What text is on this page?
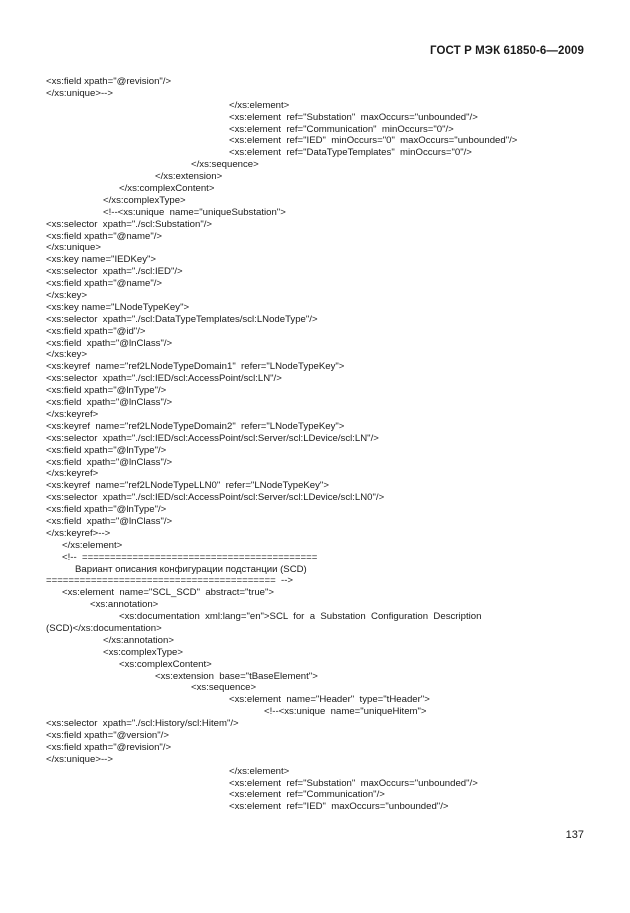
ГОСТ Р МЭК 61850-6—2009
<xs:field xpath="@revision"/>
</xs:unique>-->
</xs:element>
<xs:element  ref="Substation"  maxOccurs="unbounded"/>
<xs:element  ref="Communication"  minOccurs="0"/>
<xs:element  ref="IED"  minOccurs="0"  maxOccurs="unbounded"/>
<xs:element  ref="DataTypeTemplates"  minOccurs="0"/>
</xs:sequence>
</xs:extension>
</xs:complexContent>
</xs:complexType>
<!--<xs:unique  name="uniqueSubstation">
<xs:selector  xpath="./scl:Substation"/>
<xs:field xpath="@name"/>
</xs:unique>
<xs:key name="IEDKey">
<xs:selector  xpath="./scl:IED"/>
<xs:field xpath="@name"/>
</xs:key>
<xs:key name="LNodeTypeKey">
<xs:selector  xpath="./scl:DataTypeTemplates/scl:LNodeType"/>
<xs:field xpath="@id"/>
<xs:field  xpath="@lnClass"/>
</xs:key>
<xs:keyref  name="ref2LNodeTypeDomain1"  refer="LNodeTypeKey">
<xs:selector  xpath="./scl:IED/scl:AccessPoint/scl:LN"/>
<xs:field xpath="@lnType"/>
<xs:field  xpath="@lnClass"/>
</xs:keyref>
<xs:keyref  name="ref2LNodeTypeDomain2"  refer="LNodeTypeKey">
<xs:selector  xpath="./scl:IED/scl:AccessPoint/scl:Server/scl:LDevice/scl:LN"/>
<xs:field xpath="@lnType"/>
<xs:field  xpath="@lnClass"/>
</xs:keyref>
<xs:keyref  name="ref2LNodeTypeLLN0"  refer="LNodeTypeKey">
<xs:selector  xpath="./scl:IED/scl:AccessPoint/scl:Server/scl:LDevice/scl:LN0"/>
<xs:field xpath="@lnType"/>
<xs:field  xpath="@lnClass"/>
</xs:keyref>-->
</xs:element>
<!--  ==========================================
Вариант описания конфигурации подстанции (SCD)
=========================================  -->
<xs:element  name="SCL_SCD"  abstract="true">
<xs:annotation>
<xs:documentation  xml:lang="en">SCL  for  a  Substation  Configuration  Description
(SCD)</xs:documentation>
</xs:annotation>
<xs:complexType>
<xs:complexContent>
<xs:extension  base="tBaseElement">
<xs:sequence>
<xs:element  name="Header"  type="tHeader">
<!--<xs:unique  name="uniqueHitem">
<xs:selector  xpath="./scl:History/scl:Hitem"/>
<xs:field xpath="@version"/>
<xs:field xpath="@revision"/>
</xs:unique>-->
</xs:element>
<xs:element  ref="Substation"  maxOccurs="unbounded"/>
<xs:element  ref="Communication"/>
<xs:element  ref="IED"  maxOccurs="unbounded"/>
137
